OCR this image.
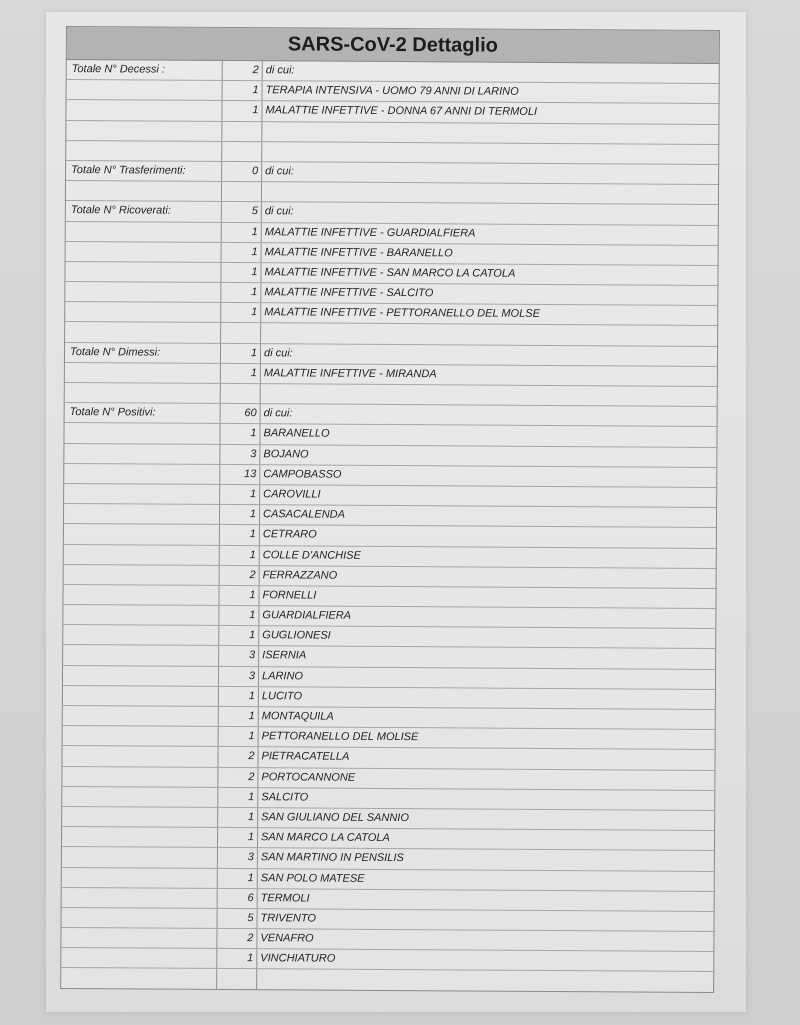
SARS-CoV-2 Dettaglio
Totale N° Decessi :	2 di cui:
1 TERAPIA INTENSIVA - UOMO 79 ANNI DI LARINO
1 MALATTIE INFETTIVE - DONNA 67 ANNI DI TERMOLI
Totale N° Trasferimenti:	0 di cui:
Totale N° Ricoverati:	5 di cui:
1 MALATTIE INFETTIVE - GUARDIALFIERA
1 MALATTIE INFETTIVE - BARANELLO
1 MALATTIE INFETTIVE - SAN MARCO LA CATOLA
1 MALATTIE INFETTIVE - SALCITO
1 MALATTIE INFETTIVE - PETTORANELLO DEL MOLSE
Totale N° Dimessi:	1 di cui:
1 MALATTIE INFETTIVE - MIRANDA
Totale N° Positivi:	60 di cui:
1 BARANELLO
3 BOJANO
13 CAMPOBASSO
1 CAROVILLI
1 CASACALENDA
1 CETRARO
1 COLLE D'ANCHISE
2 FERRAZZANO
1 FORNELLI
1 GUARDIALFIERA
1 GUGLIONESI
3 ISERNIA
3 LARINO
1 LUCITO
1 MONTAQUILA
1 PETTORANELLO DEL MOLISE
2 PIETRACATELLA
2 PORTOCANNONE
1 SALCITO
1 SAN GIULIANO DEL SANNIO
1 SAN MARCO LA CATOLA
3 SAN MARTINO IN PENSILIS
1 SAN POLO MATESE
6 TERMOLI
5 TRIVENTO
2 VENAFRO
1 VINCHIATURO
